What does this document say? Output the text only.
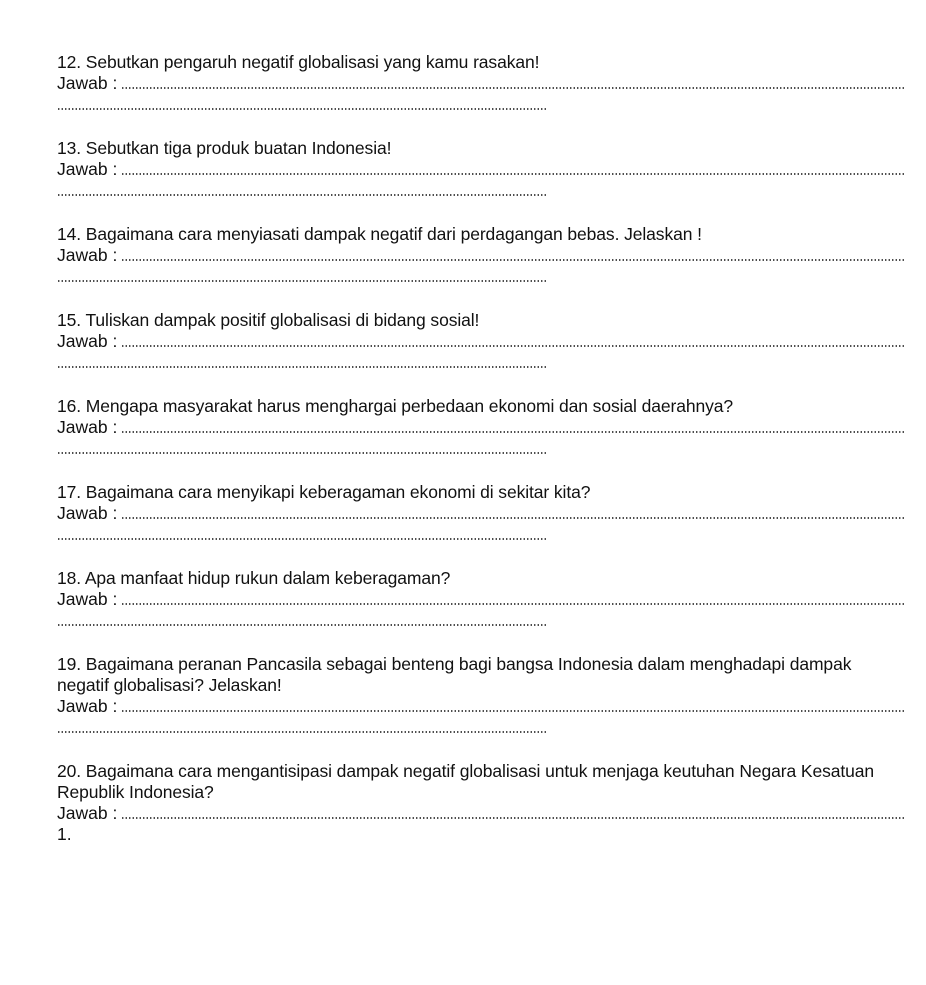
12. Sebutkan pengaruh negatif globalisasi yang kamu rasakan!
Jawab :
13. Sebutkan tiga produk buatan Indonesia!
Jawab :
14. Bagaimana cara menyiasati dampak negatif dari perdagangan bebas. Jelaskan !
Jawab :
15. Tuliskan dampak positif globalisasi di bidang sosial!
Jawab :
16. Mengapa masyarakat harus menghargai perbedaan ekonomi dan sosial daerahnya?
Jawab :
17. Bagaimana cara menyikapi keberagaman ekonomi di sekitar kita?
Jawab :
18. Apa manfaat hidup rukun dalam keberagaman?
Jawab :
19. Bagaimana peranan Pancasila sebagai benteng bagi bangsa Indonesia dalam menghadapi dampak negatif globalisasi? Jelaskan!
Jawab :
20. Bagaimana cara mengantisipasi dampak negatif globalisasi untuk menjaga keutuhan Negara Kesatuan Republik Indonesia?
Jawab :
1.
